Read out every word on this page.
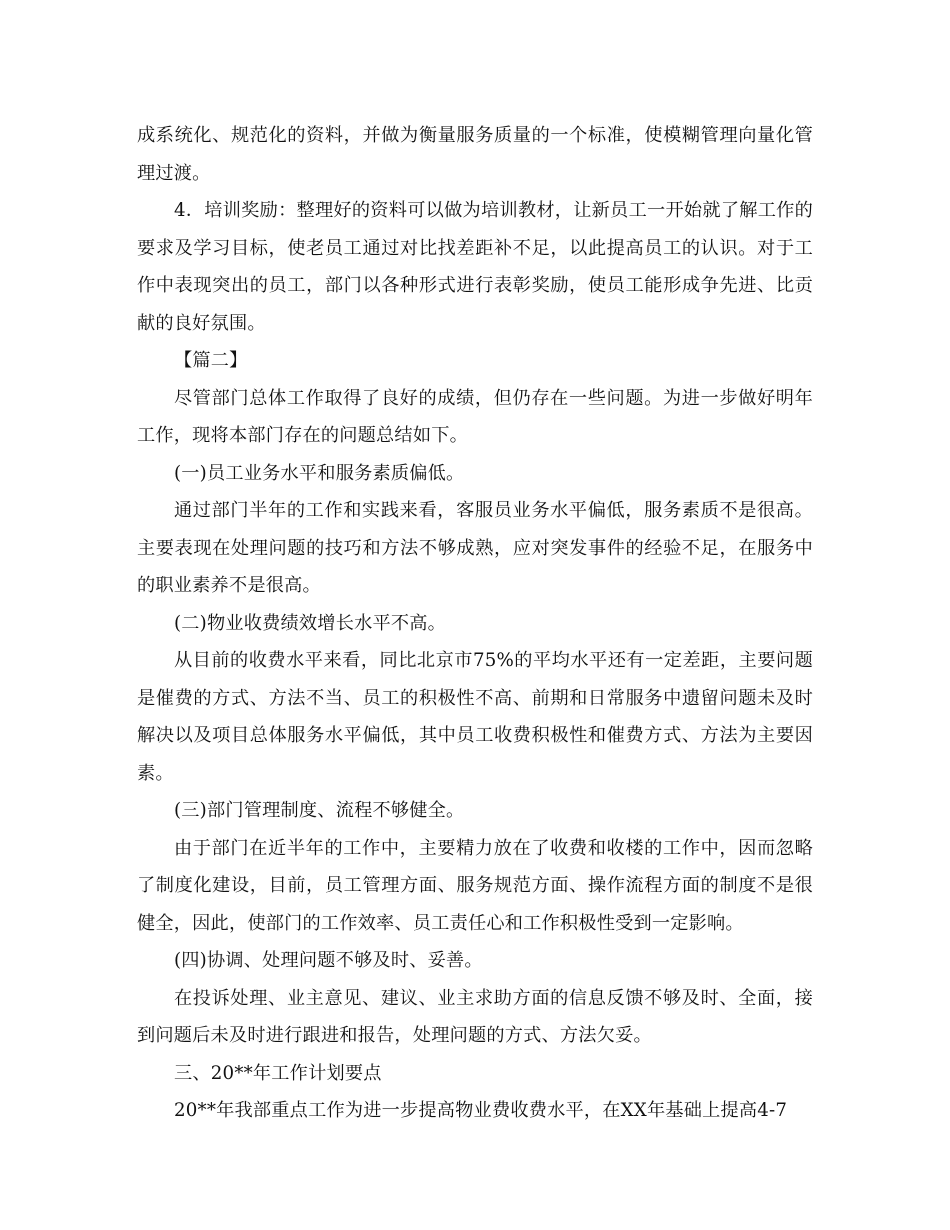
成系统化、规范化的资料，并做为衡量服务质量的一个标准，使模糊管理向量化管理过渡。

4．培训奖励：整理好的资料可以做为培训教材，让新员工一开始就了解工作的要求及学习目标，使老员工通过对比找差距补不足，以此提高员工的认识。对于工作中表现突出的员工，部门以各种形式进行表彰奖励，使员工能形成争先进、比贡献的良好氛围。

【篇二】

尽管部门总体工作取得了良好的成绩，但仍存在一些问题。为进一步做好明年工作，现将本部门存在的问题总结如下。

(一)员工业务水平和服务素质偏低。

通过部门半年的工作和实践来看，客服员业务水平偏低，服务素质不是很高。主要表现在处理问题的技巧和方法不够成熟，应对突发事件的经验不足，在服务中的职业素养不是很高。

(二)物业收费绩效增长水平不高。

从目前的收费水平来看，同比北京市75%的平均水平还有一定差距，主要问题是催费的方式、方法不当、员工的积极性不高、前期和日常服务中遗留问题未及时解决以及项目总体服务水平偏低，其中员工收费积极性和催费方式、方法为主要因素。

(三)部门管理制度、流程不够健全。

由于部门在近半年的工作中，主要精力放在了收费和收楼的工作中，因而忽略了制度化建设，目前，员工管理方面、服务规范方面、操作流程方面的制度不是很健全，因此，使部门的工作效率、员工责任心和工作积极性受到一定影响。

(四)协调、处理问题不够及时、妥善。

在投诉处理、业主意见、建议、业主求助方面的信息反馈不够及时、全面，接到问题后未及时进行跟进和报告，处理问题的方式、方法欠妥。

三、20**年工作计划要点

20**年我部重点工作为进一步提高物业费收费水平，在XX年基础上提高4-7
